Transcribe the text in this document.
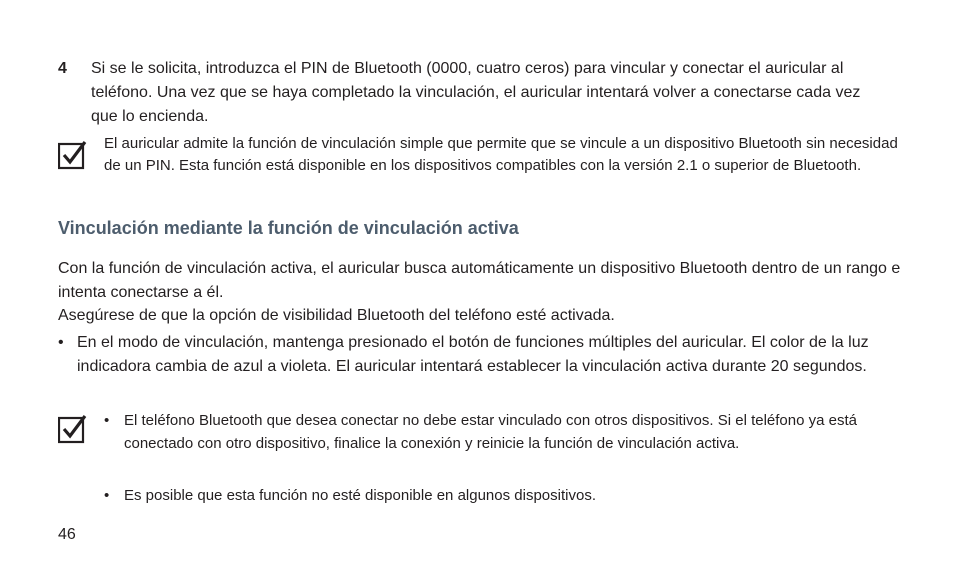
4 Si se le solicita, introduzca el PIN de Bluetooth (0000, cuatro ceros) para vincular y conectar el auricular al teléfono. Una vez que se haya completado la vinculación, el auricular intentará volver a conectarse cada vez que lo encienda.
El auricular admite la función de vinculación simple que permite que se vincule a un dispositivo Bluetooth sin necesidad de un PIN. Esta función está disponible en los dispositivos compatibles con la versión 2.1 o superior de Bluetooth.
Vinculación mediante la función de vinculación activa
Con la función de vinculación activa, el auricular busca automáticamente un dispositivo Bluetooth dentro de un rango e intenta conectarse a él.
Asegúrese de que la opción de visibilidad Bluetooth del teléfono esté activada.
• En el modo de vinculación, mantenga presionado el botón de funciones múltiples del auricular. El color de la luz indicadora cambia de azul a violeta. El auricular intentará establecer la vinculación activa durante 20 segundos.
• El teléfono Bluetooth que desea conectar no debe estar vinculado con otros dispositivos. Si el teléfono ya está conectado con otro dispositivo, finalice la conexión y reinicie la función de vinculación activa.
• Es posible que esta función no esté disponible en algunos dispositivos.
46
